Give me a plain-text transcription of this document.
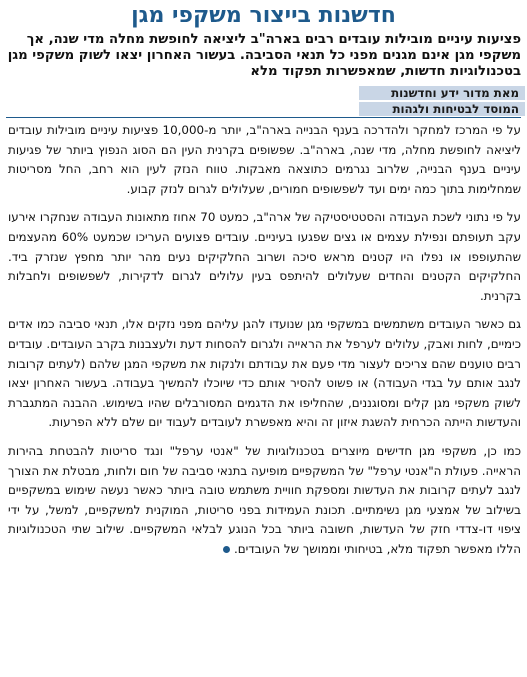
חדשנות בייצור משקפי מגן

פציעות עיניים מובילות עובדים רבים בארה"ב ליציאה לחופשת מחלה מדי שנה, אך משקפי מגן אינם מגנים מפני כל תנאי הסביבה. בעשור האחרון יצאו לשוק משקפי מגן בטכנולוגיות חדשות, שמאפשרות תפקוד מלא

מאת מדור ידע וחדשנות
המוסד לבטיחות ולגהות

על פי המרכז למחקר ולהדרכה בענף הבנייה בארה"ב, יותר מ-10,000 פציעות עיניים מובילות עובדים ליציאה לחופשת מחלה, מדי שנה, בארה"ב. שפשופים בקרנית העין הם הסוג הנפוץ ביותר של פגיעות עיניים בענף הבנייה, שלרוב נגרמים כתוצאה מאבקות. טווח הנזק לעין הוא רחב, החל מסריטות שמחלימות בתוך כמה ימים ועד לשפשופים חמורים, שעלולים לגרום לנזק קבוע.

על פי נתוני לשכת העבודה והסטטיסטיקה של ארה"ב, כמעט 70 אחוז מתאונות העבודה שנחקרו אירעו עקב תעופתם ונפילת עצמים או גצים שפגעו בעיניים. עובדים פצועים העריכו שכמעט 60% מהעצמים שהתעופפו או נפלו היו קטנים מראש סיכה ושרוב החלקיקים נעים מהר יותר מחפץ שנזרק ביד. החלקיקים הקטנים והחדים שעלולים להיתפס בעין עלולים לגרום לדקירות, לשפשופים ולחבלות בקרנית.

גם כאשר העובדים משתמשים במשקפי מגן שנועדו להגן עליהם מפני נזקים אלו, תנאי סביבה כמו אדים כימיים, לחות ואבק, עלולים לערפל את הראייה ולגרום להסחות דעת ולעצבנות בקרב העובדים. עובדים רבים טוענים שהם צריכים לעצור מדי פעם את עבודתם ולנקות את משקפי המגן שלהם (לעתים קרובות לנגב אותם על בגדי העבודה) או פשוט להסיר אותם כדי שיוכלו להמשיך בעבודה. בעשור האחרון יצאו לשוק משקפי מגן קלים ומסוגננים, שהחליפו את הדגמים המסורבלים שהיו בשימוש. ההבנה המתגברת והעדשות הייתה הכרחית להשגת איזון זה והיא מאפשרת לעובדים לעבוד יום שלם ללא הפרעות.

כמו כן, משקפי מגן חדישים מיוצרים בטכנולוגיות של "אנטי ערפל" ונגד סריטות להבטחת בהירות הראייה. פעולת ה"אנטי ערפל" של המשקפיים מופיעה בתנאי סביבה של חום ולחות, מבטלת את הצורך לנגב לעתים קרובות את העדשות ומספקת חוויית משתמש טובה ביותר כאשר נעשה שימוש במשקפיים בשילוב של אמצעי מגן נשימתיים. תכונת העמידות בפני סריטות, המוקנית למשקפיים, למשל, על ידי ציפוי דו-צדדי חזק של העדשות, חשובה ביותר בכל הנוגע לבלאי המשקפיים. שילוב שתי הטכנולוגיות הללו מאפשר תפקוד מלא, בטיחותי וממושך של העובדים.
